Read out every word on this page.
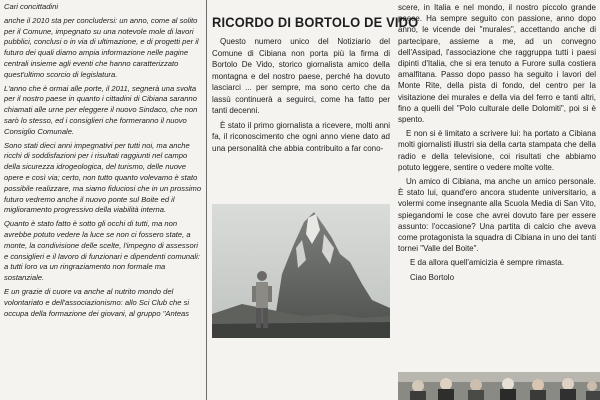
Cari concittadini

anche il 2010 sta per concludersi: un anno, come al solito per il Comune, impegnato su una notevole mole di lavori pubblici, conclusi o in via di ultimazione, e di progetti per il futuro dei quali diamo ampia informazione nelle pagine centrali insieme agli eventi che hanno caratterizzato quest'ultimo scorcio di legislatura.

L'anno che è ormai alle porte, il 2011, segnerà una svolta per il nostro paese in quanto i cittadini di Cibiana saranno chiamati alle urne per eleggere il nuovo Sindaco, che non sarò lo stesso, ed i consiglieri che formeranno il nuovo Consiglio Comunale.

Sono stati dieci anni impegnativi per tutti noi, ma anche ricchi di soddisfazioni per i risultati raggiunti nel campo della sicurezza idrogeologica, del turismo, delle nuove opere e così via; certo, non tutto quanto volevamo è stato possibile realizzare, ma siamo fiduciosi che in un prossimo futuro vedremo anche il nuovo ponte sul Boite ed il miglioramento progressivo della viabilità interna.

Quanto è stato fatto è sotto gli occhi di tutti, ma non avrebbe potuto vedere la luce se non ci fossero state, a monte, la condivisione delle scelte, l'impegno di assessori e consiglieri e il lavoro di funzionari e dipendenti comunali: a tutti loro va un ringraziamento non formale ma sostanziale.

E un grazie di cuore va anche al nutrito mondo del volontariato e dell'associazionismo: allo Sci Club che si occupa della formazione dei giovani, al gruppo "Anteas

RICORDO DI BORTOLO DE VIDO

Questo numero unico del Notiziario del Comune di Cibiana non porta più la firma di Bortolo De Vido, storico giornalista amico della montagna e del nostro paese, perché ha dovuto lasciarci ... per sempre, ma sono certo che da lassù continuerà a seguirci, come ha fatto per tanti decenni.

È stato il primo giornalista a ricevere, molti anni fa, il riconoscimento che ogni anno viene dato ad una personalità che abbia contribuito a far cono-

scere, in Italia e nel mondo, il nostro piccolo grande paese. Ha sempre seguito con passione, anno dopo anno, le vicende dei "murales", accettando anche di partecipare, assieme a me, ad un convegno dell'Assipad, l'associazione che raggruppa tutti i paesi dipinti d'Italia, che si era tenuto a Furore sulla costiera amalfitana. Passo dopo passo ha seguito i lavori del Monte Rite, della pista di fondo, del centro per la visitazione dei murales e della via del ferro e tanti altri, fino a quelli del "Polo culturale delle Dolomiti", poi si è spento.

E non si è limitato a scrivere lui: ha portato a Cibiana molti giornalisti illustri sia della carta stampata che della radio e della televisione, coi risultati che abbiamo potuto leggere, sentire o vedere molte volte.

Un amico di Cibiana, ma anche un amico personale. È stato lui, quand'ero ancora studente universitario, a volermi come insegnante alla Scuola Media di San Vito, spiegandomi le cose che avrei dovuto fare per essere assunto: l'occasione? Una partita di calcio che aveva come protagonista la squadra di Cibiana in uno dei tanti tornei "Valle del Boite".

E da allora quell'amicizia è sempre rimasta.

Ciao Bortolo
